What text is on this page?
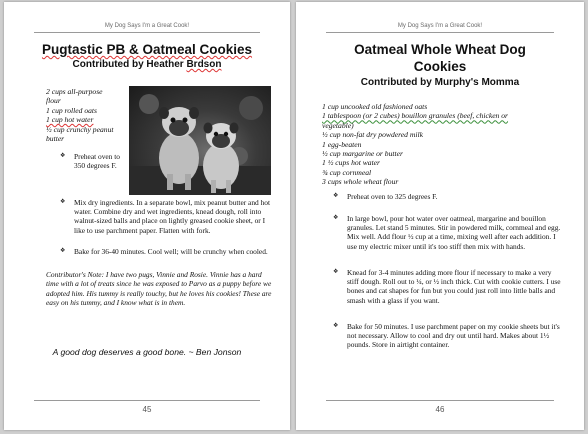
My Dog Says I'm a Great Cook!
Pugtastic PB & Oatmeal Cookies
Contributed by Heather Brdson
2 cups all-purpose
flour
1 cup rolled oats
1 cup hot water
½ cup crunchy peanut
butter
❖ Preheat oven to 350 degrees F.
❖ Mix dry ingredients. In a separate bowl, mix peanut butter and hot water. Combine dry and wet ingredients, knead dough, roll into walnut-sized balls and place on lightly greased cookie sheet, or I like to use parchment paper. Flatten with fork.
❖ Bake for 36-40 minutes. Cool well; will be crunchy when cooled.
Contributor's Note: I have two pugs, Vinnie and Rosie. Vinnie has a hard time with a lot of treats since he was exposed to Parvo as a puppy before we adopted him. His tummy is really touchy, but he loves his cookies! These are easy on his tummy, and I know what is in them.
A good dog deserves a good bone. ~ Ben Jonson
45
My Dog Says I'm a Great Cook!
Oatmeal Whole Wheat Dog
Cookies
Contributed by Murphy's Momma
1 cup uncooked old fashioned oats
1 tablespoon (or 2 cubes) bouillon granules (beef, chicken or
vegetable)
½ cup non-fat dry powdered milk
1 egg-beaten
½ cup margarine or butter
1 ½ cups hot water
¾ cup cornmeal
3 cups whole wheat flour
❖ Preheat oven to 325 degrees F.
❖ In large bowl, pour hot water over oatmeal, margarine and bouillon granules. Let stand 5 minutes. Stir in powdered milk, cornmeal and egg. Mix well. Add flour ½ cup at a time, mixing well after each addition. I use my electric mixer until it's too stiff then mix with hands.
❖ Knead for 3-4 minutes adding more flour if necessary to make a very stiff dough. Roll out to ¼, or ½ inch thick. Cut with cookie cutters. I use bones and cat shapes for fun but you could just roll into little balls and smash with a glass if you want.
❖ Bake for 50 minutes. I use parchment paper on my cookie sheets but it's not necessary. Allow to cool and dry out until hard. Makes about 1½ pounds. Store in airtight container.
46
